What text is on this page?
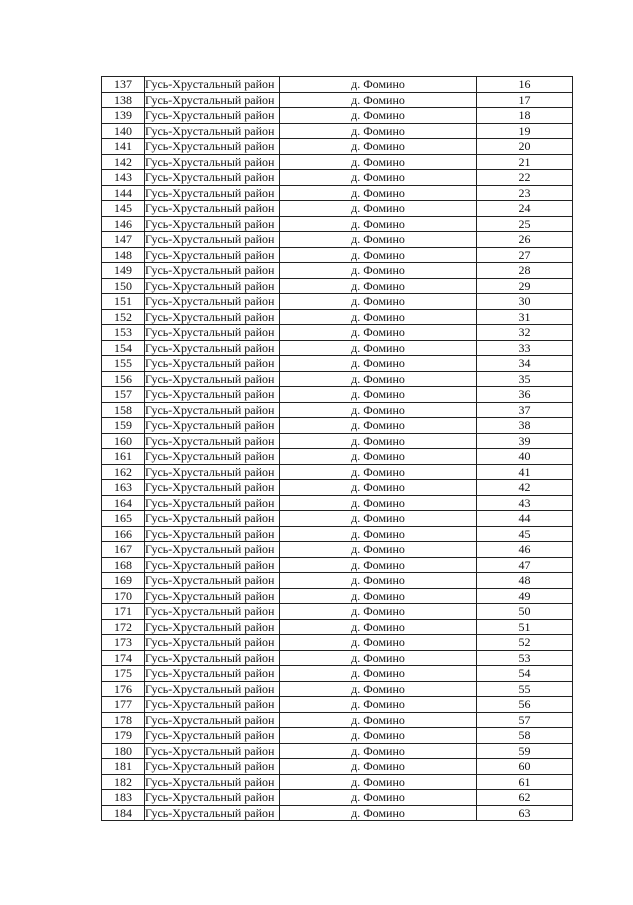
137	Гусь-Хрустальный район	д. Фомино	16
138	Гусь-Хрустальный район	д. Фомино	17
139	Гусь-Хрустальный район	д. Фомино	18
140	Гусь-Хрустальный район	д. Фомино	19
141	Гусь-Хрустальный район	д. Фомино	20
142	Гусь-Хрустальный район	д. Фомино	21
143	Гусь-Хрустальный район	д. Фомино	22
144	Гусь-Хрустальный район	д. Фомино	23
145	Гусь-Хрустальный район	д. Фомино	24
146	Гусь-Хрустальный район	д. Фомино	25
147	Гусь-Хрустальный район	д. Фомино	26
148	Гусь-Хрустальный район	д. Фомино	27
149	Гусь-Хрустальный район	д. Фомино	28
150	Гусь-Хрустальный район	д. Фомино	29
151	Гусь-Хрустальный район	д. Фомино	30
152	Гусь-Хрустальный район	д. Фомино	31
153	Гусь-Хрустальный район	д. Фомино	32
154	Гусь-Хрустальный район	д. Фомино	33
155	Гусь-Хрустальный район	д. Фомино	34
156	Гусь-Хрустальный район	д. Фомино	35
157	Гусь-Хрустальный район	д. Фомино	36
158	Гусь-Хрустальный район	д. Фомино	37
159	Гусь-Хрустальный район	д. Фомино	38
160	Гусь-Хрустальный район	д. Фомино	39
161	Гусь-Хрустальный район	д. Фомино	40
162	Гусь-Хрустальный район	д. Фомино	41
163	Гусь-Хрустальный район	д. Фомино	42
164	Гусь-Хрустальный район	д. Фомино	43
165	Гусь-Хрустальный район	д. Фомино	44
166	Гусь-Хрустальный район	д. Фомино	45
167	Гусь-Хрустальный район	д. Фомино	46
168	Гусь-Хрустальный район	д. Фомино	47
169	Гусь-Хрустальный район	д. Фомино	48
170	Гусь-Хрустальный район	д. Фомино	49
171	Гусь-Хрустальный район	д. Фомино	50
172	Гусь-Хрустальный район	д. Фомино	51
173	Гусь-Хрустальный район	д. Фомино	52
174	Гусь-Хрустальный район	д. Фомино	53
175	Гусь-Хрустальный район	д. Фомино	54
176	Гусь-Хрустальный район	д. Фомино	55
177	Гусь-Хрустальный район	д. Фомино	56
178	Гусь-Хрустальный район	д. Фомино	57
179	Гусь-Хрустальный район	д. Фомино	58
180	Гусь-Хрустальный район	д. Фомино	59
181	Гусь-Хрустальный район	д. Фомино	60
182	Гусь-Хрустальный район	д. Фомино	61
183	Гусь-Хрустальный район	д. Фомино	62
184	Гусь-Хрустальный район	д. Фомино	63
